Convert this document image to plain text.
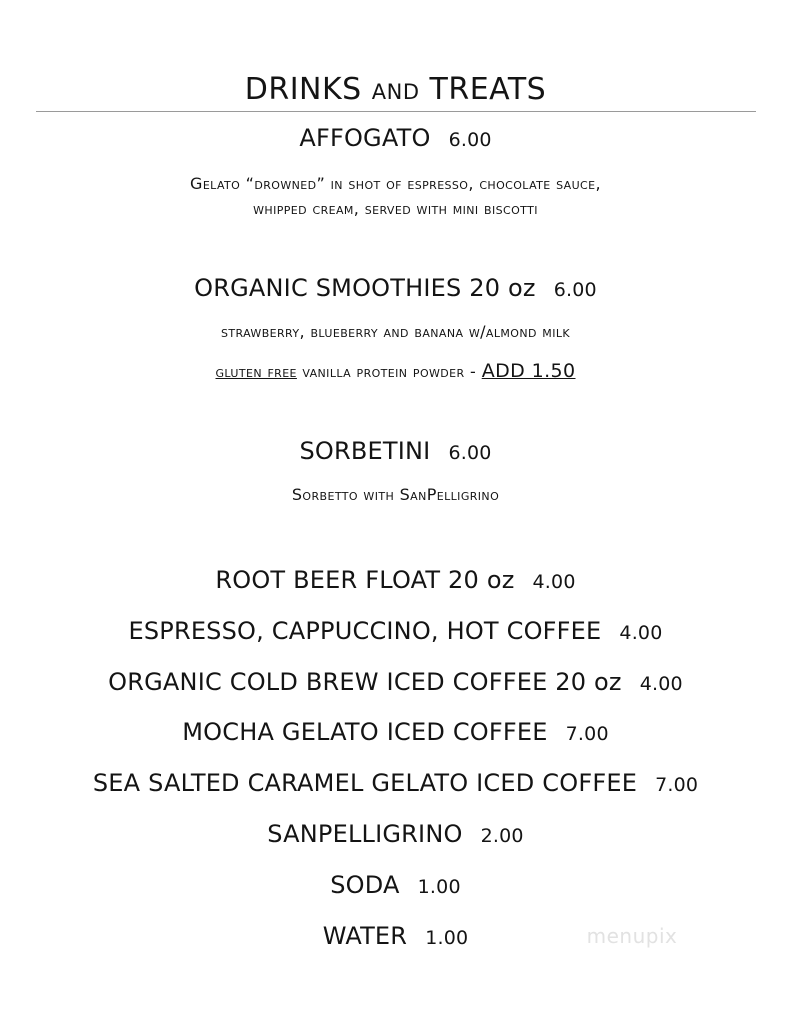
DRINKS and TREATS
AFFOGATO 6.00
Gelato “drowned” in shot of espresso, chocolate sauce,
whipped cream, served with mini biscotti
ORGANIC SMOOTHIES 20 oz 6.00
strawberry, blueberry and banana w/almond milk
gluten free vanilla protein powder - ADD 1.50
SORBETINI 6.00
Sorbetto with SanPelligrino
ROOT BEER FLOAT 20 oz 4.00
ESPRESSO, CAPPUCCINO, HOT COFFEE 4.00
ORGANIC COLD BREW ICED COFFEE 20 oz 4.00
MOCHA GELATO ICED COFFEE 7.00
SEA SALTED CARAMEL GELATO ICED COFFEE 7.00
SANPELLIGRINO 2.00
SODA 1.00
WATER 1.00	menupix
